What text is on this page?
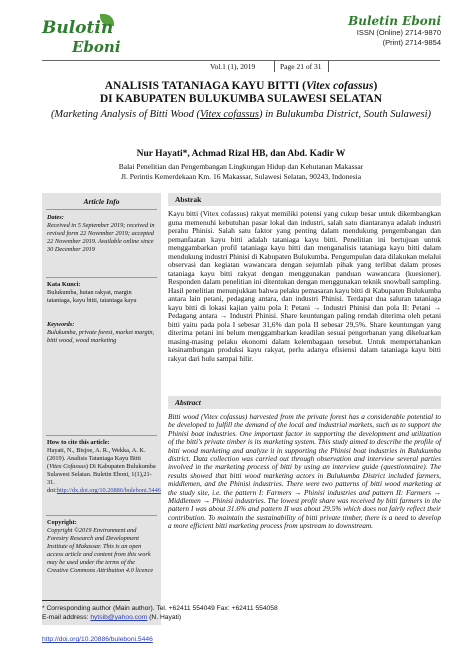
Bulotin
Eboni
Buletin Eboni
ISSN (Online) 2714-9870
(Print) 2714-9854
Vol.1 (1), 2019	Page 21 of 31
ANALISIS TATANIAGA KAYU BITTI (Vitex cofassus)
DI KABUPATEN BULUKUMBA SULAWESI SELATAN
(Marketing Analysis of Bitti Wood (Vitex cofassus) in Bulukumba District, South Sulawesi)
Nur Hayati*, Achmad Rizal HB, dan Abd. Kadir W
Balai Penelitian dan Pengembangan Lingkungan Hidup dan Kehutanan Makassar
Jl. Perintis Kemerdekaan Km. 16 Makassar, Sulawesi Selatan, 90243, Indonesia
Article Info
Dates:
Received in 5 September 2019; received in revised form 22 November 2019; accepted 22 November 2019. Available online since 30 December 2019
Kata Kunci:
Bulukumba, hutan rakyat, margin tataniaga, kayu bitti, tataniaga kayu
Keywords:
Bulukumba, private forest, market margin, bitti wood, wood marketing
How to cite this article:
Hayati, N., Bisjoe, A. R., Wekka, A. K. (2019). Analisis Tataniaga Kayu Bitti (Vitex Cofassus) Di Kabupaten Bulukumba Sulawesi Selatan. Buletin Eboni, 1(1),21-31. doi:http://dx.doi.org/10.20886/buleboni.5446
Copyright:
Copyright ©2019 Environment and Forestry Research and Development Institute of Makassar. This is an open access article and content from this work may be used under the terms of the Creative Commons Attribution 4.0 licence
Abstrak
Kayu bitti (Vitex cofassus) rakyat memiliki potensi yang cukup besar untuk dikembangkan guna memenuhi kebutuhan pasar lokal dan industri, salah satu diantaranya adalah industri perahu Phinisi. Salah satu faktor yang penting dalam mendukung pengembangan dan pemanfaatan kayu bitti adalah tataniaga kayu bitti. Penelitian ini bertujuan untuk menggambarkan profil tataniaga kayu bitti dan menganalisis tataniaga kayu bitti dalam mendukung industri Phinisi di Kabupaten Bulukumba. Pengumpulan data dilakukan melalui observasi dan kegiatan wawancara dengan sejumlah pihak yang terlibat dalam proses tataniaga kayu bitti rakyat dengan menggunakan panduan wawancara (kuesioner). Responden dalam penelitian ini ditentukan dengan menggunakan teknik snowball sampling. Hasil penelitian menunjukkan bahwa pelaku pemasaran kayu bitti di Kabupaten Bulukumba antara lain petani, pedagang antara, dan industri Phinisi. Terdapat dua saluran tataniaga kayu bitti di lokasi kajian yaitu pola I: Petani → Industri Phinisi dan pola II: Petani → Pedagang antara → Industri Phinisi. Share keuntungan paling rendah diterima oleh petani bitti yaitu pada pola I sebesar 31,6% dan pola II sebesar 29,5%. Share keuntungan yang diterima petani ini belum menggambarkan keadilan sesuai pengorbanan yang dikeluarkan masing-masing pelaku ekonomi dalam kelembagaan tersebut. Untuk mempertahankan kesinambungan produksi kayu rakyat, perlu adanya efisiensi dalam tataniaga kayu bitti rakyat dari hulu sampai hilir.
Abstract
Bitti wood (Vitex cofassus) harvested from the private forest has a considerable potential to be developed to fulfill the demand of the local and industrial markets, such as to support the Phinisi boat industries. One important factor in supporting the development and utilization of the bitti's private timber is its marketing system. This study aimed to describe the profile of bitti wood marketing and analyze it in supporting the Phinisi boat industries in Bulukumba district. Data collection was carried out through observation and interview several parties involved in the marketing process of bitti by using an interview guide (questionnaire). The results showed that bitti wood marketing actors in Bulukumba District included farmers, middlemen, and the Phinisi industries. There were two patterns of bitti wood marketing at the study site, i.e. the pattern I: Farmers → Phinisi industries and pattern II: Farmers → Middlemen → Phinisi industries. The lowest profit share was received by bitti farmers in the pattern I was about 31.6% and pattern II was about 29.5% which does not fairly reflect their contribution. To maintain the sustainability of bitti private timber, there is a need to develop a more efficient bitti marketing process from upstream to downstream.
* Corresponding author (Main author). Tel. +62411 554049 Fax: +62411 554058
E-mail address: hytsib@yahoo.com (N. Hayati)
http://doi.org/10.20886/buleboni.5446
